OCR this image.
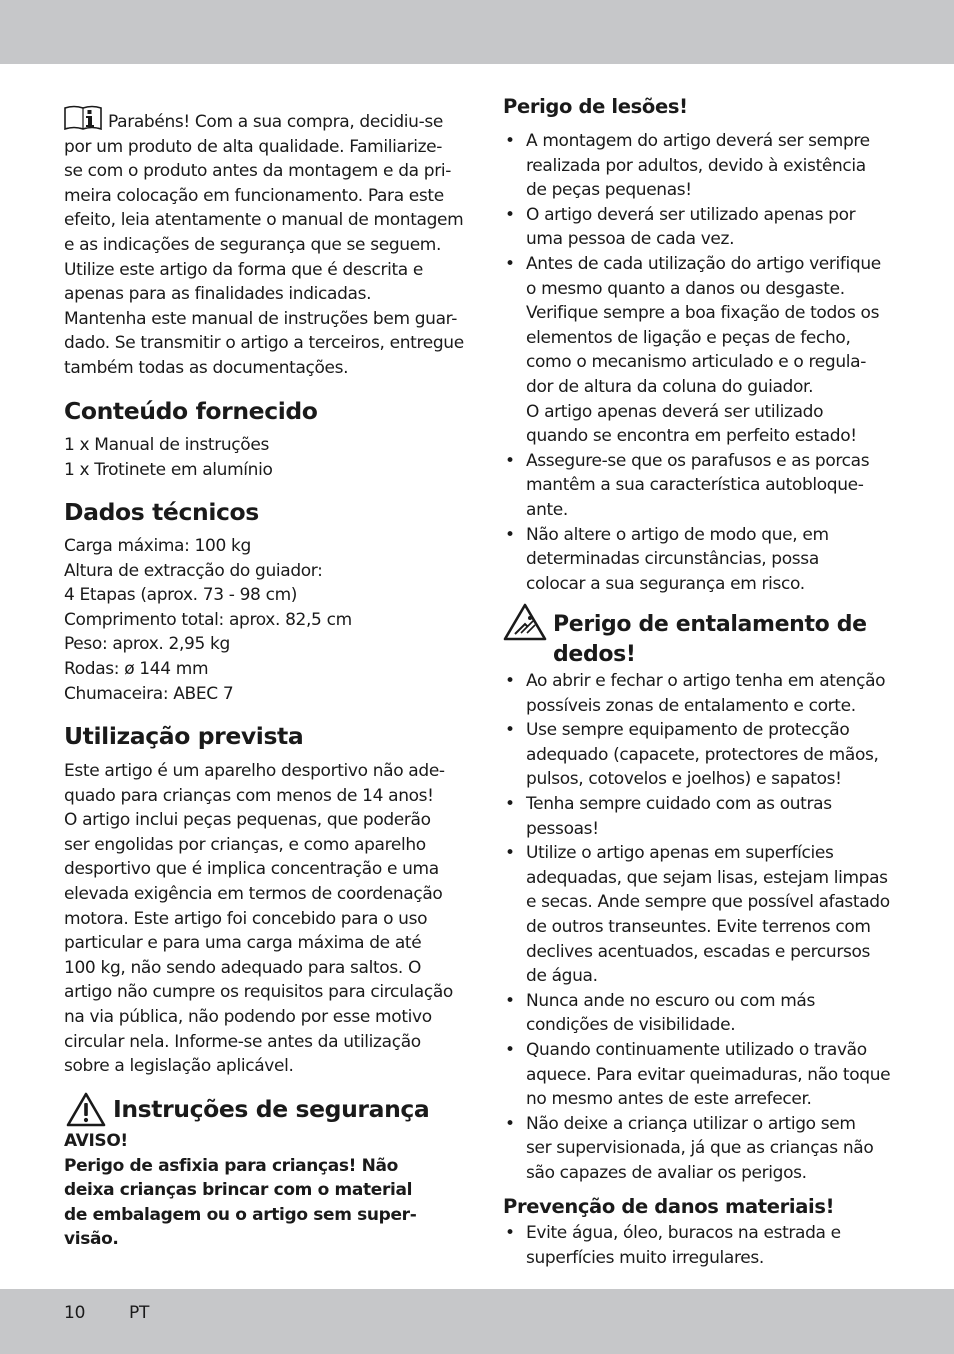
Parabéns! Com a sua compra, decidiu-se
por um produto de alta qualidade. Familiarize-
se com o produto antes da montagem e da pri-
meira colocação em funcionamento. Para este
efeito, leia atentamente o manual de montagem
e as indicações de segurança que se seguem.
Utilize este artigo da forma que é descrita e
apenas para as finalidades indicadas.
Mantenha este manual de instruções bem guar-
dado. Se transmitir o artigo a terceiros, entregue
também todas as documentações.
Conteúdo fornecido
1 x Manual de instruções
1 x Trotinete em alumínio
Dados técnicos
Carga máxima: 100 kg
Altura de extracção do guiador:
4 Etapas (aprox. 73 - 98 cm)
Comprimento total: aprox. 82,5 cm
Peso: aprox. 2,95 kg
Rodas: ø 144 mm
Chumaceira: ABEC 7
Utilização prevista
Este artigo é um aparelho desportivo não ade-
quado para crianças com menos de 14 anos!
O artigo inclui peças pequenas, que poderão
ser engolidas por crianças, e como aparelho
desportivo que é implica concentração e uma
elevada exigência em termos de coordenação
motora. Este artigo foi concebido para o uso
particular e para uma carga máxima de até
100 kg, não sendo adequado para saltos. O
artigo não cumpre os requisitos para circulação
na via pública, não podendo por esse motivo
circular nela. Informe-se antes da utilização
sobre a legislação aplicável.
Instruções de segurança
AVISO!
Perigo de asfixia para crianças! Não
deixa crianças brincar com o material
de embalagem ou o artigo sem super-
visão.
Perigo de lesões!
• A montagem do artigo deverá ser sempre
realizada por adultos, devido à existência
de peças pequenas!
• O artigo deverá ser utilizado apenas por
uma pessoa de cada vez.
• Antes de cada utilização do artigo verifique
o mesmo quanto a danos ou desgaste.
Verifique sempre a boa fixação de todos os
elementos de ligação e peças de fecho,
como o mecanismo articulado e o regula-
dor de altura da coluna do guiador.
O artigo apenas deverá ser utilizado
quando se encontra em perfeito estado!
• Assegure-se que os parafusos e as porcas
mantêm a sua característica autobloque-
ante.
• Não altere o artigo de modo que, em
determinadas circunstâncias, possa
colocar a sua segurança em risco.
Perigo de entalamento de
dedos!
• Ao abrir e fechar o artigo tenha em atenção
possíveis zonas de entalamento e corte.
• Use sempre equipamento de protecção
adequado (capacete, protectores de mãos,
pulsos, cotovelos e joelhos) e sapatos!
• Tenha sempre cuidado com as outras
pessoas!
• Utilize o artigo apenas em superfícies
adequadas, que sejam lisas, estejam limpas
e secas. Ande sempre que possível afastado
de outros transeuntes. Evite terrenos com
declives acentuados, escadas e percursos
de água.
• Nunca ande no escuro ou com más
condições de visibilidade.
• Quando continuamente utilizado o travão
aquece. Para evitar queimaduras, não toque
no mesmo antes de este arrefecer.
• Não deixe a criança utilizar o artigo sem
ser supervisionada, já que as crianças não
são capazes de avaliar os perigos.
Prevenção de danos materiais!
• Evite água, óleo, buracos na estrada e
superfícies muito irregulares.
10	PT
